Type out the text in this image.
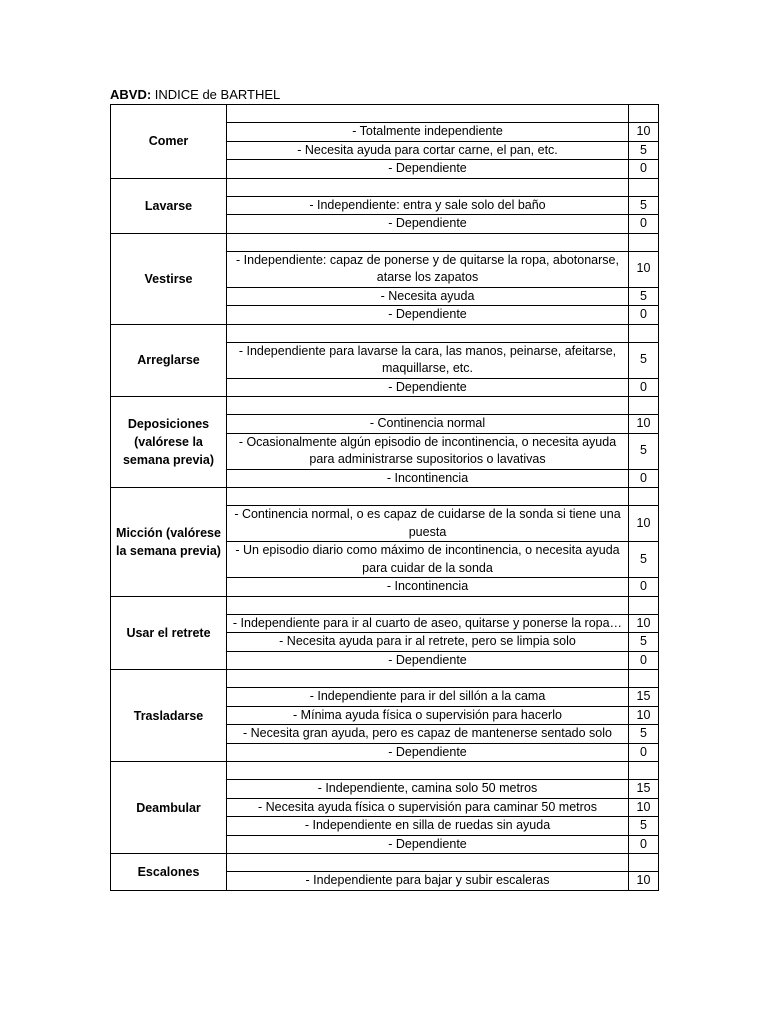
ABVD: INDICE de BARTHEL
Comer		
	- Totalmente independiente	10
	- Necesita ayuda para cortar carne, el pan, etc.	5
	- Dependiente	0
Lavarse		
	- Independiente: entra y sale solo del baño	5
	- Dependiente	0
Vestirse		
	- Independiente: capaz de ponerse y de quitarse la ropa, abotonarse, atarse los zapatos	10
	- Necesita ayuda	5
	- Dependiente	0
Arreglarse		
	- Independiente para lavarse la cara, las manos, peinarse, afeitarse, maquillarse, etc.	5
	- Dependiente	0
Deposiciones (valórese la semana previa)		
	- Continencia normal	10
	- Ocasionalmente algún episodio de incontinencia, o necesita ayuda para administrarse supositorios o lavativas	5
	- Incontinencia	0
Micción (valórese la semana previa)		
	- Continencia normal, o es capaz de cuidarse de la sonda si tiene una puesta	10
	- Un episodio diario como máximo de incontinencia, o necesita ayuda para cuidar de la sonda	5
	- Incontinencia	0
Usar el retrete		
	- Independiente para ir al cuarto de aseo, quitarse y ponerse la ropa…	10
	- Necesita ayuda para ir al retrete, pero se limpia solo	5
	- Dependiente	0
Trasladarse		
	- Independiente para ir del sillón a la cama	15
	- Mínima ayuda física o supervisión para hacerlo	10
	- Necesita gran ayuda, pero es capaz de mantenerse sentado solo	5
	- Dependiente	0
Deambular		
	- Independiente, camina solo 50 metros	15
	- Necesita ayuda física o supervisión para caminar 50 metros	10
	- Independiente en silla de ruedas sin ayuda	5
	- Dependiente	0
Escalones		
	- Independiente para bajar y subir escaleras	10
